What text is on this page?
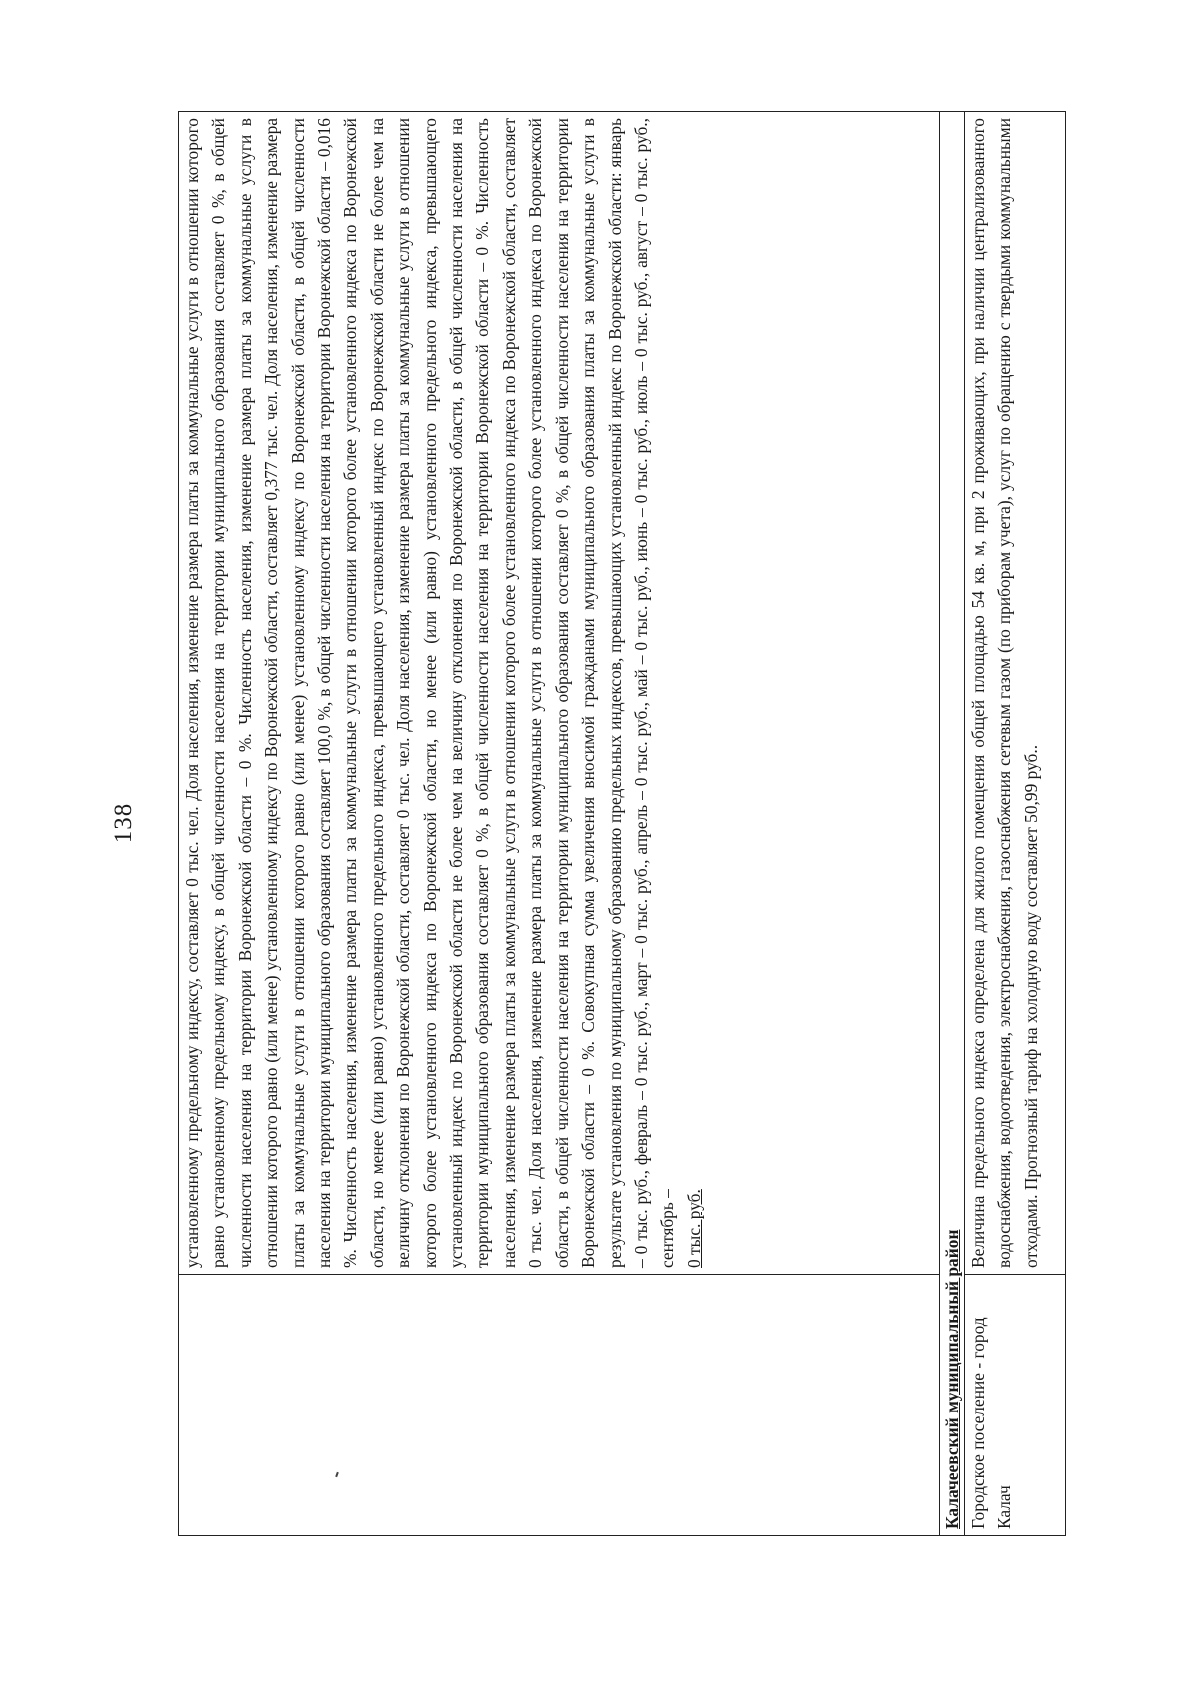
138
		установленному предельному индексу, составляет 0 тыс. чел. Доля населения, изменение размера платы за коммунальные услуги в отношении которого равно установленному предельному индексу, в общей численности населения на территории муниципального образования составляет 0 %, в общей численности населения на территории Воронежской области – 0 %. Численность населения, изменение размера платы за коммунальные услуги в отношении которого равно (или менее) установленному индексу по Воронежской области, составляет 0,377 тыс. чел. Доля населения, изменение размера платы за коммунальные услуги в отношении которого равно (или менее) установленному индексу по Воронежской области, в общей численности населения на территории муниципального образования составляет 100,0 %, в общей численности населения на территории Воронежской области – 0,016 %. Численность населения, изменение размера платы за коммунальные услуги в отношении которого более установленного индекса по Воронежской области, но менее (или равно) установленного предельного индекса, превышающего установленный индекс по Воронежской области не более чем на величину отклонения по Воронежской области, составляет 0 тыс. чел. Доля населения, изменение размера платы за коммунальные услуги в отношении которого более установленного индекса по Воронежской области, но менее (или равно) установленного предельного индекса, превышающего установленный индекс по Воронежской области не более чем на величину отклонения по Воронежской области, в общей численности населения на территории муниципального образования составляет 0 %, в общей численности населения на территории Воронежской области – 0 %. Численность населения, изменение размера платы за коммунальные услуги в отношении которого более установленного индекса по Воронежской области, составляет 0 тыс. чел. Доля населения, изменение размера платы за коммунальные услуги в отношении которого более установленного индекса по Воронежской области, в общей численности населения на территории муниципального образования составляет 0 %, в общей численности населения на территории Воронежской области – 0 %. Совокупная сумма увеличения вносимой гражданами муниципального образования платы за коммунальные услуги в результате установления по муниципальному образованию предельных индексов, превышающих установленный индекс по Воронежской области: январь – 0 тыс. руб., февраль – 0 тыс. руб., март – 0 тыс. руб., апрель – 0 тыс. руб., май – 0 тыс. руб., июнь – 0 тыс. руб., июль – 0 тыс. руб., август – 0 тыс. руб., сентябрь – 0 тыс. руб.
Калачеевский муниципальный район	
Городское поселение - город Калач	Величина предельного индекса определена для жилого помещения общей площадью 54 кв. м, при 2 проживающих, при наличии централизованного водоснабжения, водоотведения, электроснабжения, газоснабжения сетевым газом (по приборам учета), услуг по обращению с твердыми коммунальными отходами. Прогнозный тариф на холодную воду составляет 50,99 руб..
